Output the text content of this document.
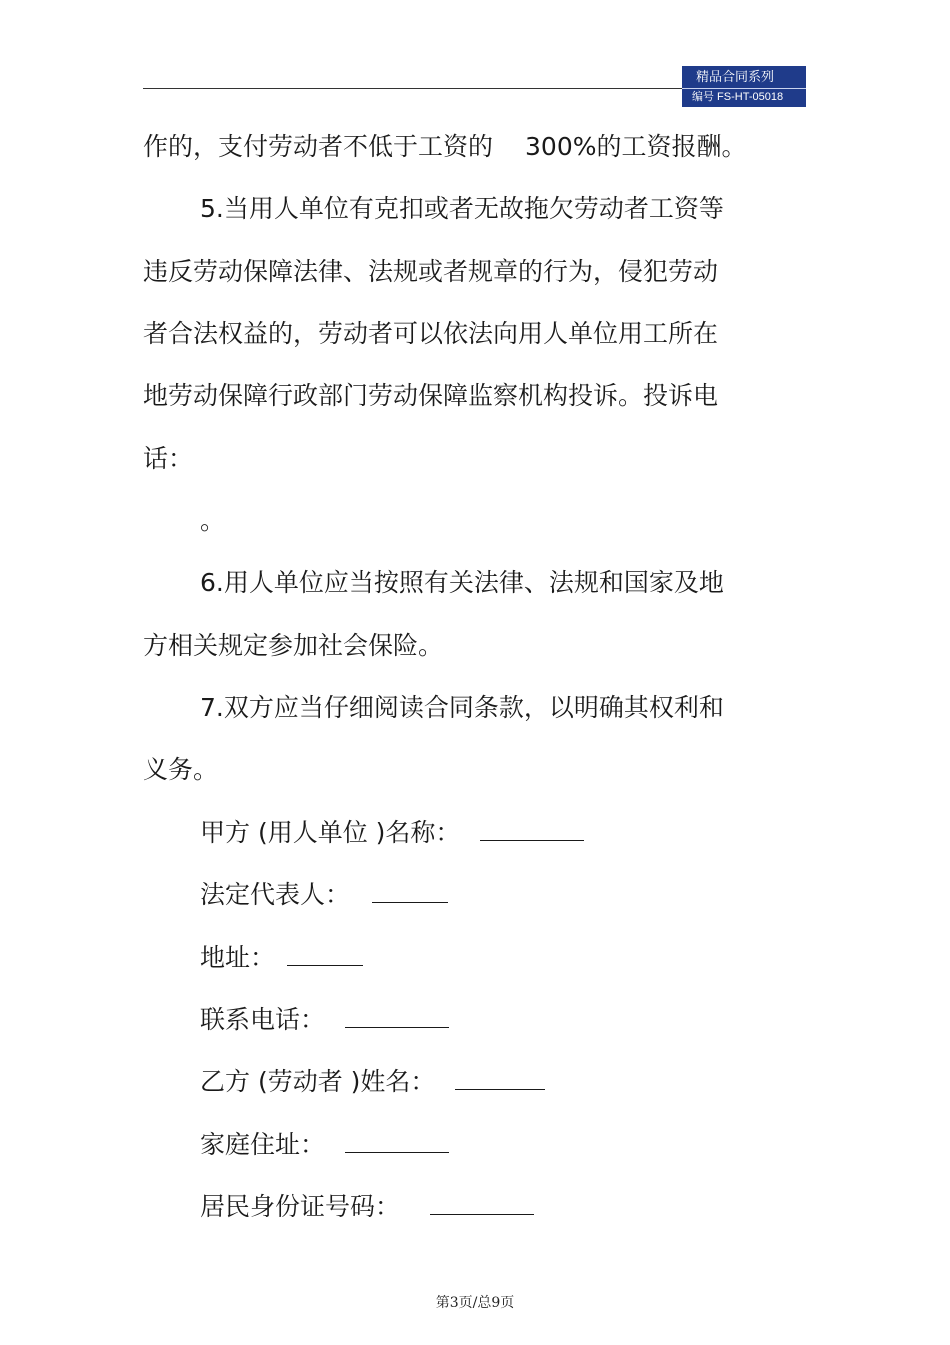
精品合同系列
编号 FS-HT-05018
作的，支付劳动者不低于工资的 300%的工资报酬。
5.当用人单位有克扣或者无故拖欠劳动者工资等
违反劳动保障法律、法规或者规章的行为，侵犯劳动
者合法权益的，劳动者可以依法向用人单位用工所在
地劳动保障行政部门劳动保障监察机构投诉。投诉电
话：
。
6.用人单位应当按照有关法律、法规和国家及地
方相关规定参加社会保险。
7.双方应当仔细阅读合同条款，以明确其权利和
义务。
甲方 (用人单位 )名称：
法定代表人：
地址：
联系电话：
乙方 (劳动者 )姓名：
家庭住址：
居民身份证号码：
第3页/总9页
